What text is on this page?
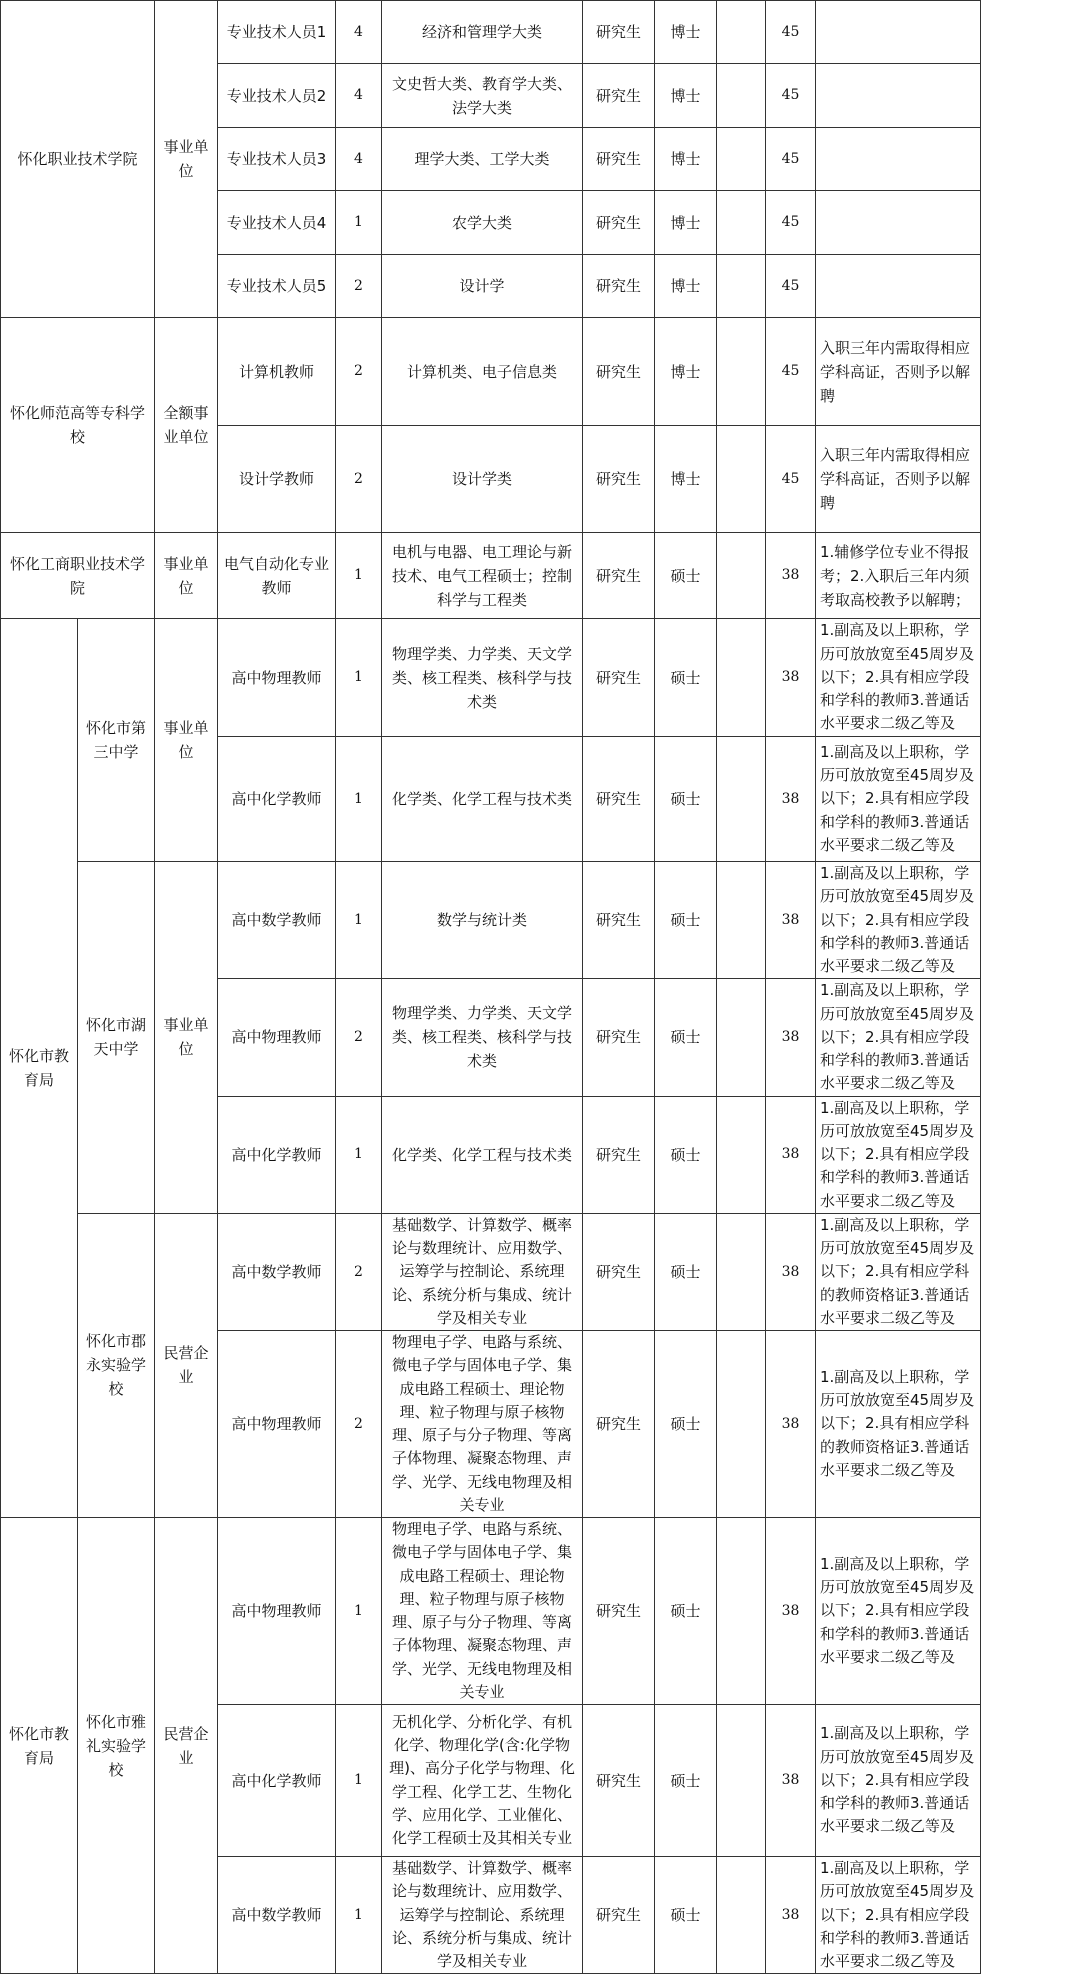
怀化职业技术学院		事业单位	专业技术人员1	4	经济和管理学大类	研究生	博士		45	
			专业技术人员2	4	文史哲大类、教育学大类、法学大类	研究生	博士		45	
			专业技术人员3	4	理学大类、工学大类	研究生	博士		45	
			专业技术人员4	1	农学大类	研究生	博士		45	
			专业技术人员5	2	设计学	研究生	博士		45	
怀化师范高等专科学校		全额事业单位	计算机教师	2	计算机类、电子信息类	研究生	博士		45	入职三年内需取得相应学科高证，否则予以解聘
			设计学教师	2	设计学类	研究生	博士		45	入职三年内需取得相应学科高证，否则予以解聘
怀化工商职业技术学院		事业单位	电气自动化专业教师	1	电机与电器、电工理论与新技术、电气工程硕士；控制科学与工程类	研究生	硕士		38	1.辅修学位专业不得报考；2.入职后三年内须考取高校教予以解聘；
怀化市教育局	怀化市第三中学	事业单位	高中物理教师	1	物理学类、力学类、天文学类、核工程类、核科学与技术类	研究生	硕士		38	1.副高及以上职称，学历可放放宽至45周岁及以下；2.具有相应学段和学科的教师3.普通话水平要求二级乙等及
			高中化学教师	1	化学类、化学工程与技术类	研究生	硕士		38	1.副高及以上职称，学历可放放宽至45周岁及以下；2.具有相应学段和学科的教师3.普通话水平要求二级乙等及
	怀化市湖天中学	事业单位	高中数学教师	1	数学与统计类	研究生	硕士		38	1.副高及以上职称，学历可放放宽至45周岁及以下；2.具有相应学段和学科的教师3.普通话水平要求二级乙等及
			高中物理教师	2	物理学类、力学类、天文学类、核工程类、核科学与技术类	研究生	硕士		38	1.副高及以上职称，学历可放放宽至45周岁及以下；2.具有相应学段和学科的教师3.普通话水平要求二级乙等及
			高中化学教师	1	化学类、化学工程与技术类	研究生	硕士		38	1.副高及以上职称，学历可放放宽至45周岁及以下；2.具有相应学段和学科的教师3.普通话水平要求二级乙等及
	怀化市郡永实验学校	民营企业	高中数学教师	2	基础数学、计算数学、概率论与数理统计、应用数学、运筹学与控制论、系统理论、系统分析与集成、统计学及相关专业	研究生	硕士		38	1.副高及以上职称，学历可放放宽至45周岁及以下；2.具有相应学科的教师资格证3.普通话水平要求二级乙等及
			高中物理教师	2	物理电子学、电路与系统、微电子学与固体电子学、集成电路工程硕士、理论物理、粒子物理与原子核物理、原子与分子物理、等离子体物理、凝聚态物理、声学、光学、无线电物理及相关专业	研究生	硕士		38	1.副高及以上职称，学历可放放宽至45周岁及以下；2.具有相应学科的教师资格证3.普通话水平要求二级乙等及
怀化市教育局	怀化市雅礼实验学校	民营企业	高中物理教师	1	物理电子学、电路与系统、微电子学与固体电子学、集成电路工程硕士、理论物理、粒子物理与原子核物理、原子与分子物理、等离子体物理、凝聚态物理、声学、光学、无线电物理及相关专业	研究生	硕士		38	1.副高及以上职称，学历可放放宽至45周岁及以下；2.具有相应学段和学科的教师3.普通话水平要求二级乙等及
			高中化学教师	1	无机化学、分析化学、有机化学、物理化学(含:化学物理)、高分子化学与物理、化学工程、化学工艺、生物化学、应用化学、工业催化、化学工程硕士及其相关专业	研究生	硕士		38	1.副高及以上职称，学历可放放宽至45周岁及以下；2.具有相应学段和学科的教师3.普通话水平要求二级乙等及
			高中数学教师	1	基础数学、计算数学、概率论与数理统计、应用数学、运筹学与控制论、系统理论、系统分析与集成、统计学及相关专业	研究生	硕士		38	1.副高及以上职称，学历可放放宽至45周岁及以下；2.具有相应学段和学科的教师3.普通话水平要求二级乙等及
